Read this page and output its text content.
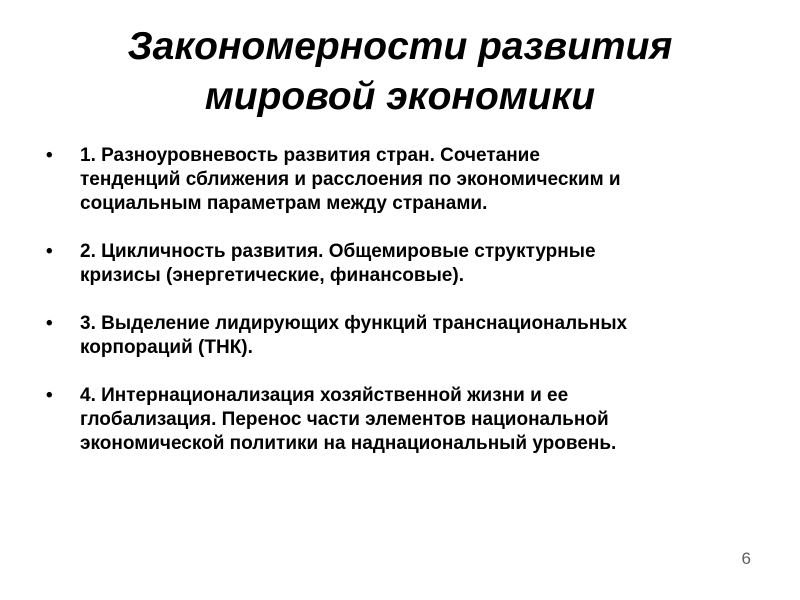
Закономерности развития
мировой экономики
• 1. Разноуровневость развития стран. Сочетание
тенденций сближения и расслоения по экономическим и
социальным параметрам между странами.
• 2. Цикличность развития. Общемировые структурные
кризисы (энергетические, финансовые).
• 3. Выделение лидирующих функций транснациональных
корпораций (ТНК).
• 4. Интернационализация хозяйственной жизни и ее
глобализация. Перенос части элементов национальной
экономической политики на наднациональный уровень.
6
